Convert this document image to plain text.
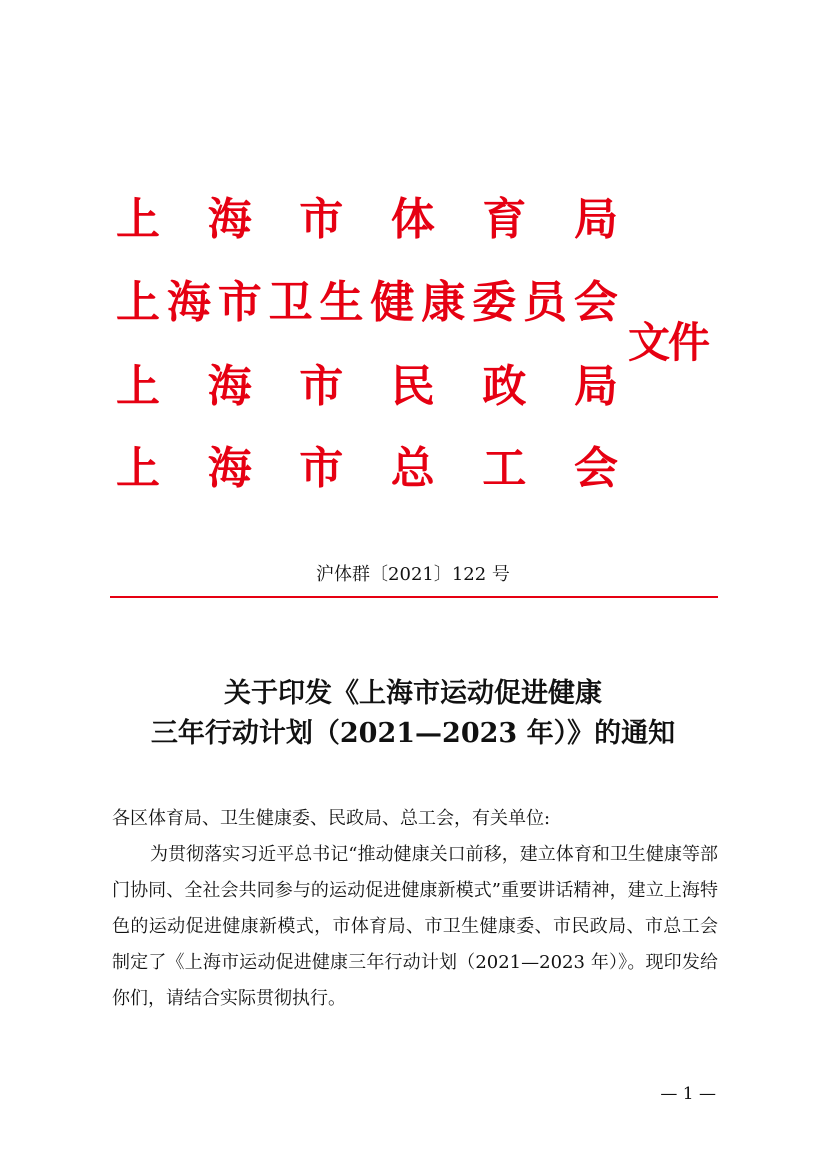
上 海 市 体 育 局
上 海 市 卫 生 健 康 委 员 会
上 海 市 民 政 局
上 海 市 总 工 会
文件
沪体群〔2021〕122 号
关于印发《上海市运动促进健康
三年行动计划（2021—2023 年）》的通知
各区体育局、卫生健康委、民政局、总工会，有关单位:
为贯彻落实习近平总书记“推动健康关口前移，建立体育和卫生健康等部门协同、全社会共同参与的运动促进健康新模式”重要讲话精神，建立上海特色的运动促进健康新模式，市体育局、市卫生健康委、市民政局、市总工会制定了《上海市运动促进健康三年行动计划（2021—2023 年）》。现印发给你们，请结合实际贯彻执行。
— 1 —
